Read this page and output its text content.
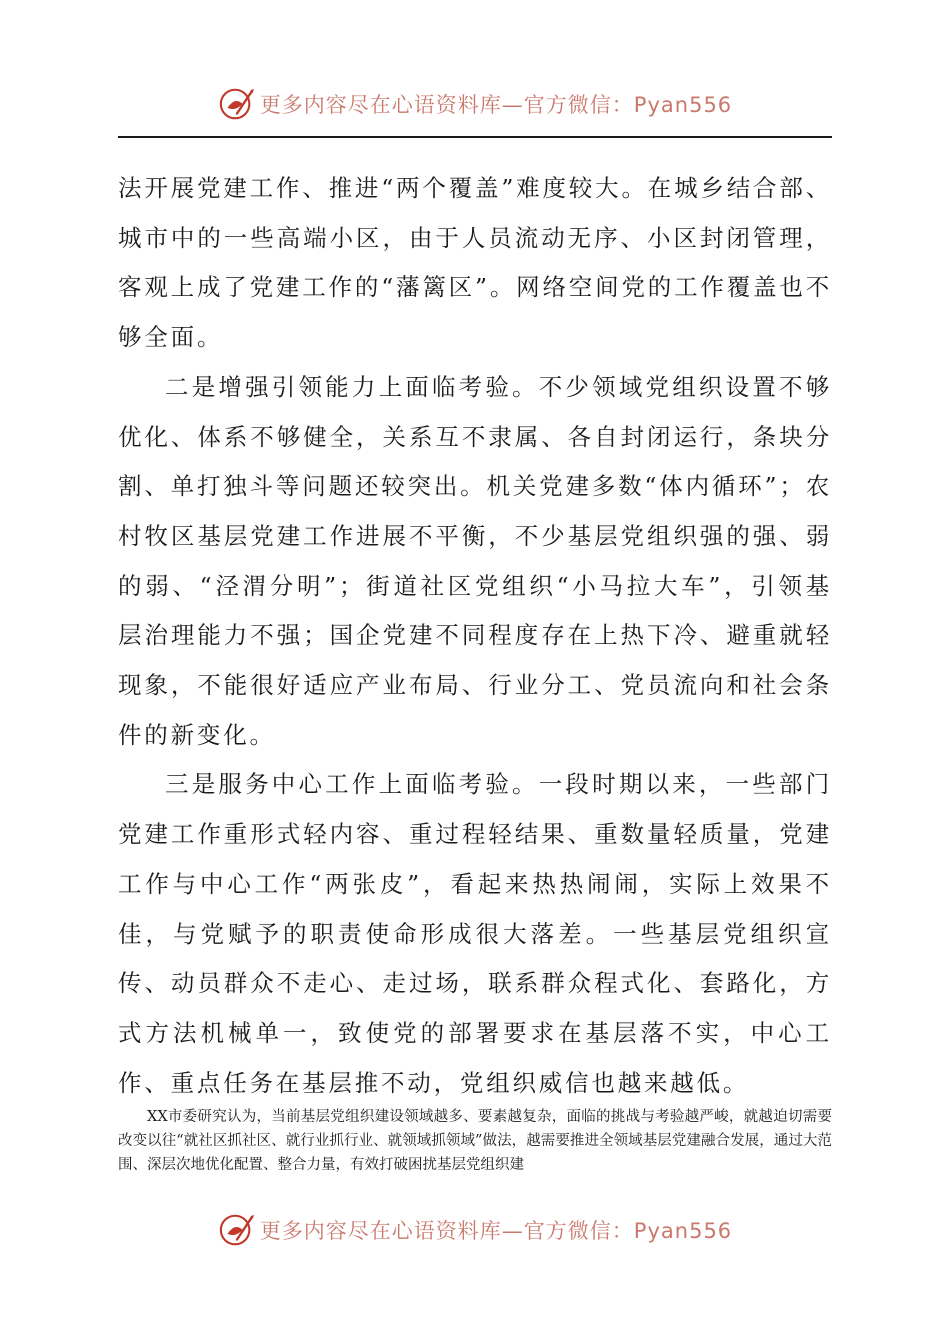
更多内容尽在心语资料库—官方微信：Pyan556

法开展党建工作、推进“两个覆盖”难度较大。在城乡结合部、城市中的一些高端小区，由于人员流动无序、小区封闭管理，客观上成了党建工作的“藩篱区”。网络空间党的工作覆盖也不够全面。

二是增强引领能力上面临考验。不少领域党组织设置不够优化、体系不够健全，关系互不隶属、各自封闭运行，条块分割、单打独斗等问题还较突出。机关党建多数“体内循环”；农村牧区基层党建工作进展不平衡，不少基层党组织强的强、弱的弱、“泾渭分明”；街道社区党组织“小马拉大车”，引领基层治理能力不强；国企党建不同程度存在上热下冷、避重就轻现象，不能很好适应产业布局、行业分工、党员流向和社会条件的新变化。

三是服务中心工作上面临考验。一段时期以来，一些部门党建工作重形式轻内容、重过程轻结果、重数量轻质量，党建工作与中心工作“两张皮”，看起来热热闹闹，实际上效果不佳，与党赋予的职责使命形成很大落差。一些基层党组织宣传、动员群众不走心、走过场，联系群众程式化、套路化，方式方法机械单一，致使党的部署要求在基层落不实，中心工作、重点任务在基层推不动，党组织威信也越来越低。

XX市委研究认为，当前基层党组织建设领域越多、要素越复杂，面临的挑战与考验越严峻，就越迫切需要改变以往“就社区抓社区、就行业抓行业、就领域抓领域”做法，越需要推进全领域基层党建融合发展，通过大范围、深层次地优化配置、整合力量，有效打破困扰基层党组织建

更多内容尽在心语资料库—官方微信：Pyan556
